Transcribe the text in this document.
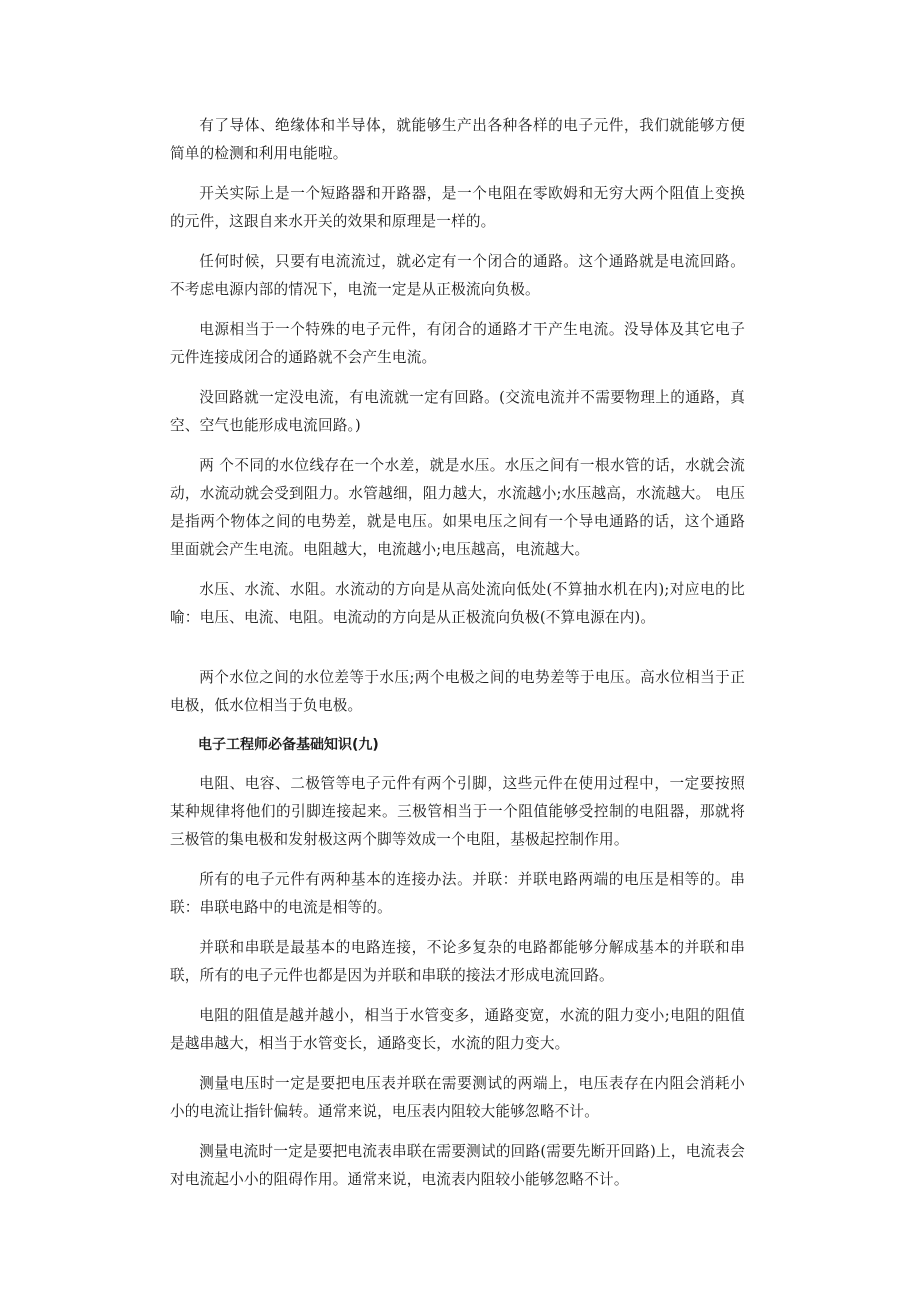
有了导体、绝缘体和半导体，就能够生产出各种各样的电子元件，我们就能够方便简单的检测和利用电能啦。

开关实际上是一个短路器和开路器，是一个电阻在零欧姆和无穷大两个阻值上变换的元件，这跟自来水开关的效果和原理是一样的。

任何时候，只要有电流流过，就必定有一个闭合的通路。这个通路就是电流回路。不考虑电源内部的情况下，电流一定是从正极流向负极。

电源相当于一个特殊的电子元件，有闭合的通路才干产生电流。没导体及其它电子元件连接成闭合的通路就不会产生电流。

没回路就一定没电流，有电流就一定有回路。(交流电流并不需要物理上的通路，真空、空气也能形成电流回路。)

两 个不同的水位线存在一个水差，就是水压。水压之间有一根水管的话，水就会流动，水流动就会受到阻力。水管越细，阻力越大，水流越小;水压越高，水流越大。 电压是指两个物体之间的电势差，就是电压。如果电压之间有一个导电通路的话，这个通路里面就会产生电流。电阻越大，电流越小;电压越高，电流越大。

水压、水流、水阻。水流动的方向是从高处流向低处(不算抽水机在内);对应电的比喻：电压、电流、电阻。电流动的方向是从正极流向负极(不算电源在内)。

两个水位之间的水位差等于水压;两个电极之间的电势差等于电压。高水位相当于正电极，低水位相当于负电极。

电子工程师必备基础知识(九)

电阻、电容、二极管等电子元件有两个引脚，这些元件在使用过程中，一定要按照某种规律将他们的引脚连接起来。三极管相当于一个阻值能够受控制的电阻器，那就将三极管的集电极和发射极这两个脚等效成一个电阻，基极起控制作用。

所有的电子元件有两种基本的连接办法。并联：并联电路两端的电压是相等的。串联：串联电路中的电流是相等的。

并联和串联是最基本的电路连接，不论多复杂的电路都能够分解成基本的并联和串联，所有的电子元件也都是因为并联和串联的接法才形成电流回路。

电阻的阻值是越并越小，相当于水管变多，通路变宽，水流的阻力变小;电阻的阻值是越串越大，相当于水管变长，通路变长，水流的阻力变大。

测量电压时一定是要把电压表并联在需要测试的两端上，电压表存在内阻会消耗小小的电流让指针偏转。通常来说，电压表内阻较大能够忽略不计。

测量电流时一定是要把电流表串联在需要测试的回路(需要先断开回路)上，电流表会对电流起小小的阻碍作用。通常来说，电流表内阻较小能够忽略不计。
